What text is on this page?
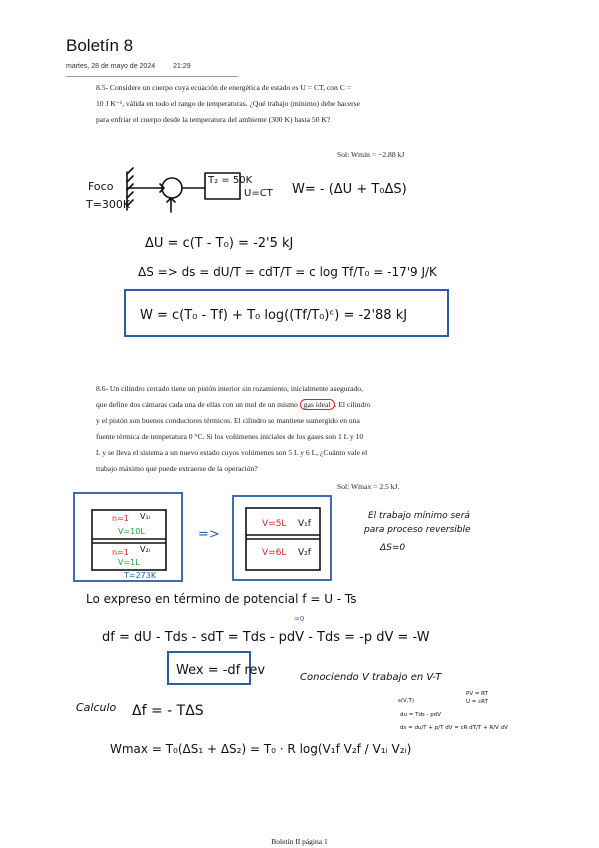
Boletín 8
martes, 28 de mayo de 2024	21:29
8.5- Considere un cuerpo cuya ecuación de energética de estado es U = CT, con C =
10 J K⁻¹, válida en todo el rango de temperaturas. ¿Qué trabajo (mínimo) debe hacerse
para enfriar el cuerpo desde la temperatura del ambiente (300 K) hasta 50 K?
Sol: Wmin = −2.88 kJ
8.6- Un cilindro cerrado tiene un pistón interior sin rozamiento, inicialmente asegurado,
que define dos cámaras cada una de ellas con un mol de un mismo gas ideal . El cilindro
y el pistón son buenos conductores térmicos. El cilindro se mantiene sumergido en una
fuente térmica de temperatura 0 °C. Si los volúmenes iniciales de los gases son 1 L y 10
L y se lleva el sistema a un nuevo estado cuyos volúmenes son 5 L y 6 L, ¿Cuánto vale el
trabajo máximo que puede extraerse de la operación?
Sol: Wmax = 2.5 kJ.
Foco
T=300K
T₂ = 50K
U=CT W= - (ΔU + T₀ΔS)
ΔU = c(T - T₀) = -2'5 kJ
ΔS => ds = dU/T = cdT/T = c log Tf/T₀ = -17'9 J/K
W = c(T₀ - Tf) + T₀ log((Tf/T₀)ᶜ) = -2'88 kJ
n=1 V₁ᵢ
V=10L
n=1 V₂ᵢ
V=1L
T=273K
=>
V=5L V₁f
V=6L V₂f
El trabajo mínimo será
para proceso reversible
ΔS=0
Lo expreso en término de potencial f = U - Ts
df = dU - Tds - sdT = Tds - pdV - Tds = -p dV = -W
=0
Wex = -df rev	Conociendo V trabajo en V-T
Calculo Δf = - TΔS
s(V,T)
PV = RT
U = cRT
du = Tds - pdV
ds = du/T + p/T dV = cR dT/T + R/V dV
Wmax = T₀(ΔS₁ + ΔS₂) = T₀ · R log(V₁f V₂f / V₁ᵢ V₂ᵢ)
Boletín II página 1
